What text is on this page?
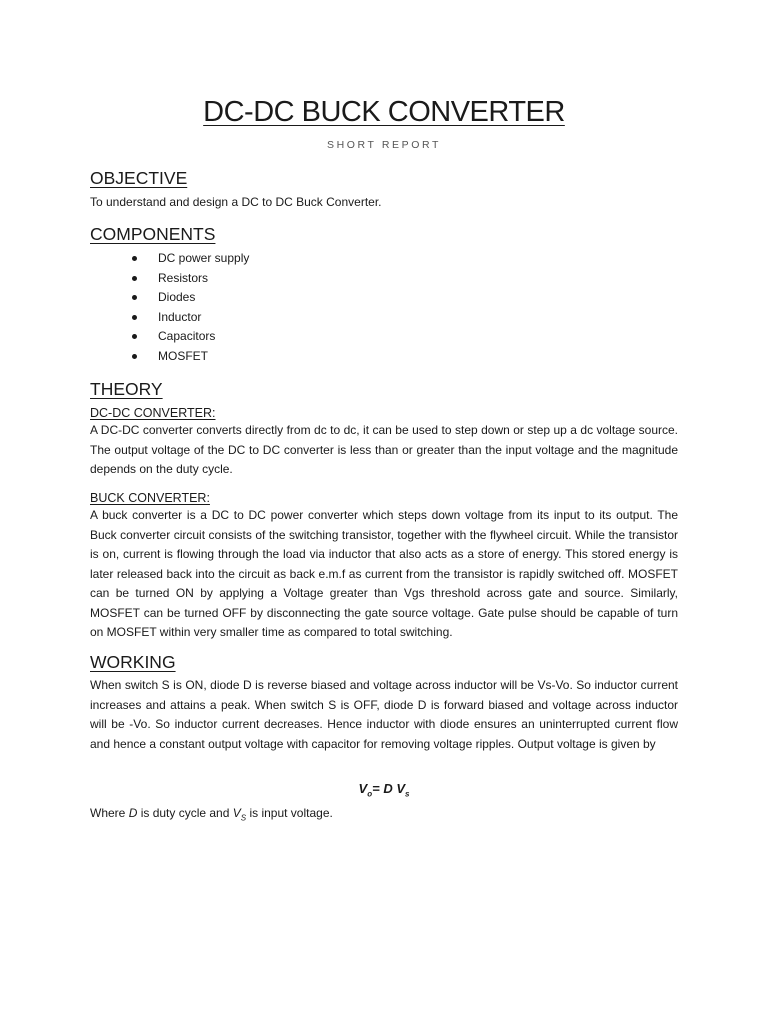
DC-DC BUCK CONVERTER
SHORT REPORT
OBJECTIVE

To understand and design a DC to DC Buck Converter.

COMPONENTS
DC power supply
Resistors
Diodes
Inductor
Capacitors
MOSFET
THEORY
DC-DC CONVERTER:

A DC-DC converter converts directly from dc to dc, it can be used to step down or step up a dc voltage source. The output voltage of the DC to DC converter is less than or greater than the input voltage and the magnitude depends on the duty cycle.

BUCK CONVERTER:

A buck converter is a DC to DC power converter which steps down voltage from its input to its output. The Buck converter circuit consists of the switching transistor, together with the flywheel circuit. While the transistor is on, current is flowing through the load via inductor that also acts as a store of energy. This stored energy is later released back into the circuit as back e.m.f as current from the transistor is rapidly switched off. MOSFET can be turned ON by applying a Voltage greater than Vgs threshold across gate and source. Similarly, MOSFET can be turned OFF by disconnecting the gate source voltage. Gate pulse should be capable of turn on MOSFET within very smaller time as compared to total switching.

WORKING

When switch S is ON, diode D is reverse biased and voltage across inductor will be Vs-Vo. So inductor current increases and attains a peak. When switch S is OFF, diode D is forward biased and voltage across inductor will be -Vo. So inductor current decreases. Hence inductor with diode ensures an uninterrupted current flow and hence a constant output voltage with capacitor for removing voltage ripples. Output voltage is given by

$V_o= D$ $V_s$
Where D is duty cycle and $V_S$ is input voltage.
